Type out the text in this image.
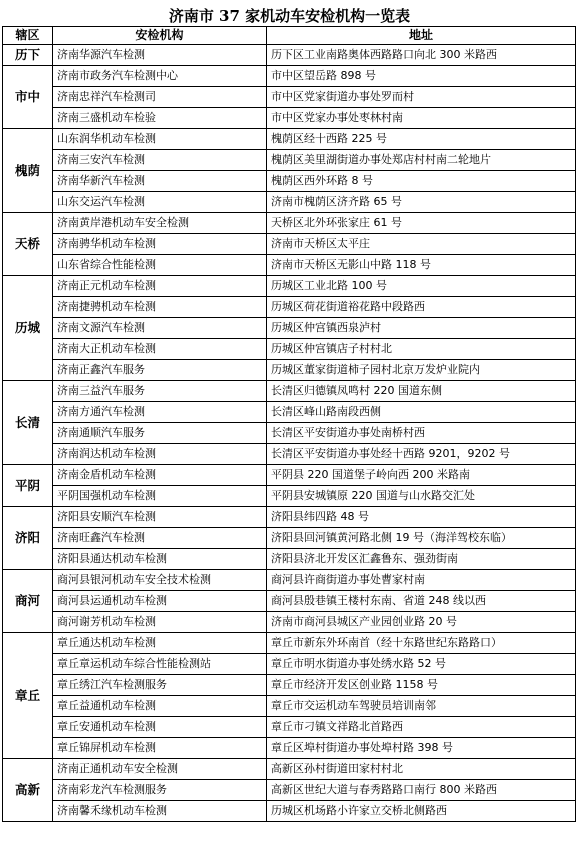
济南市 37 家机动车安检机构一览表
辖区	安检机构	地址
历下	济南华源汽车检测	历下区工业南路奥体西路路口向北 300 米路西
市中	济南市政务汽车检测中心	市中区望岳路 898 号
	济南忠祥汽车检测司	市中区党家街道办事处罗而村
	济南三盛机动车检验	市中区党家办事处枣林村南
槐荫	山东润华机动车检测	槐荫区经十西路 225 号
	济南三安汽车检测	槐荫区美里湖街道办事处郑店村村南二轮地片
	济南华新汽车检测	槐荫区西外环路 8 号
	山东交运汽车检测	济南市槐荫区济齐路 65 号
天桥	济南黄岸港机动车安全检测	天桥区北外环张家庄 61 号
	济南骋华机动车检测	济南市天桥区太平庄
	山东省综合性能检测	济南市天桥区无影山中路 118 号
历城	济南正元机动车检测	历城区工业北路 100 号
	济南捷骋机动车检测	历城区荷花街道裕花路中段路西
	济南文源汽车检测	历城区仲宫镇西泉泸村
	济南大正机动车检测	历城区仲宫镇店子村村北
	济南正鑫汽车服务	历城区董家街道柿子园村北京万发炉业院内
长清	济南三益汽车服务	长清区归德镇凤鸣村 220 国道东侧
	济南方通汽车检测	长清区峰山路南段西侧
	济南通顺汽车服务	长清区平安街道办事处南桥村西
	济南润达机动车检测	长清区平安街道办事处经十西路 9201，9202 号
平阴	济南金盾机动车检测	平阴县 220 国道堡子岭向西 200 米路南
	平阴国强机动车检测	平阴县安城镇原 220 国道与山水路交汇处
济阳	济阳县安顺汽车检测	济阳县纬四路 48 号
	济南旺鑫汽车检测	济阳县回河镇黄河路北侧 19 号（海洋驾校东临）
	济阳县通达机动车检测	济阳县济北开发区汇鑫鲁东、强劲街南
商河	商河县银河机动车安全技术检测	商河县许商街道办事处曹家村南
	商河县运通机动车检测	商河县殷巷镇王楼村东南、省道 248 线以西
	商河谢芳机动车检测	济南市商河县城区产业园创业路 20 号
章丘	章丘通达机动车检测	章丘市新东外环南首（经十东路世纪东路路口）
	章丘章运机动车综合性能检测站	章丘市明水街道办事处绣水路 52 号
	章丘绣江汽车检测服务	章丘市经济开发区创业路 1158 号
	章丘益通机动车检测	章丘市交运机动车驾驶员培训南邻
	章丘安通机动车检测	章丘市刁镇文祥路北首路西
	章丘锦屏机动车检测	章丘区埠村街道办事处埠村路 398 号
高新	济南正通机动车安全检测	高新区孙村街道田家村村北
	济南彩龙汽车检测服务	高新区世纪大道与春秀路路口南行 800 米路西
	济南馨禾缘机动车检测	历城区机场路小许家立交桥北侧路西
